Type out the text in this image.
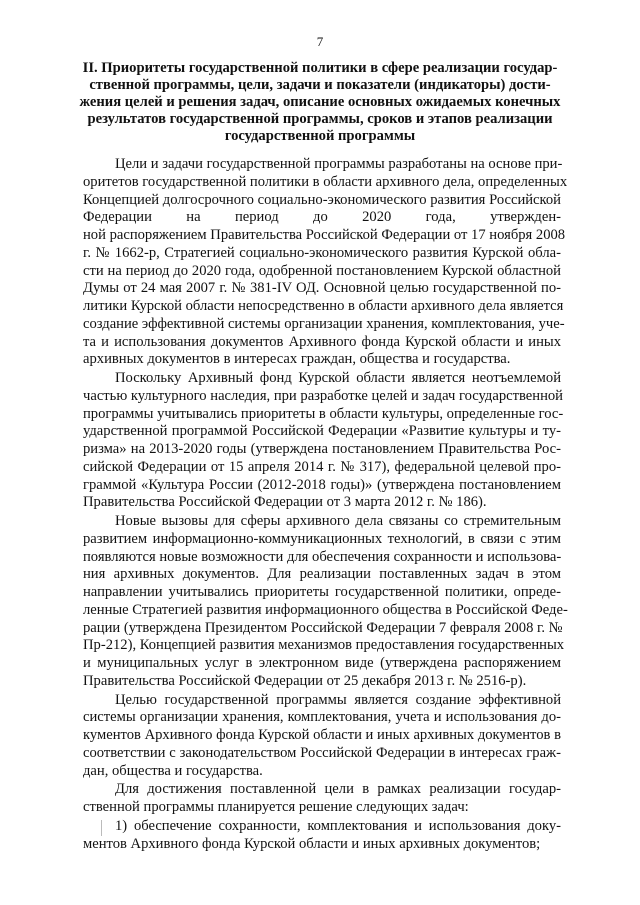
7
II. Приоритеты государственной политики в сфере реализации государ-
ственной программы, цели, задачи и показатели (индикаторы) дости-
жения целей и решения задач, описание основных ожидаемых конечных
результатов государственной программы, сроков и этапов реализации
государственной программы
Цели и задачи государственной программы разработаны на основе при-
оритетов государственной политики в области архивного дела, определенных
Концепцией долгосрочного социально-экономического развития Российской
Федерации на период до 2020 года, утвержден-
ной распоряжением Правительства Российской Федерации от 17 ноября 2008
г. № 1662-р, Стратегией социально-экономического развития Курской обла-
сти на период до 2020 года, одобренной постановлением Курской областной
Думы от 24 мая 2007 г. № 381-IV ОД. Основной целью государственной по-
литики Курской области непосредственно в области архивного дела является
создание эффективной системы организации хранения, комплектования, уче-
та и использования документов Архивного фонда Курской области и иных
архивных документов в интересах граждан, общества и государства.
Поскольку Архивный фонд Курской области является неотъемлемой
частью культурного наследия, при разработке целей и задач государственной
программы учитывались приоритеты в области культуры, определенные гос-
ударственной программой Российской Федерации «Развитие культуры и ту-
ризма» на 2013-2020 годы (утверждена постановлением Правительства Рос-
сийской Федерации от 15 апреля 2014 г. № 317), федеральной целевой про-
граммой «Культура России (2012-2018 годы)» (утверждена постановлением
Правительства Российской Федерации от 3 марта 2012 г. № 186).
Новые вызовы для сферы архивного дела связаны со стремительным
развитием информационно-коммуникационных технологий, в связи с этим
появляются новые возможности для обеспечения сохранности и использова-
ния архивных документов. Для реализации поставленных задач в этом
направлении учитывались приоритеты государственной политики, опреде-
ленные Стратегией развития информационного общества в Российской Феде-
рации (утверждена Президентом Российской Федерации 7 февраля 2008 г. №
Пр-212), Концепцией развития механизмов предоставления государственных
и муниципальных услуг в электронном виде (утверждена распоряжением
Правительства Российской Федерации от 25 декабря 2013 г. № 2516-р).
Целью государственной программы является создание эффективной
системы организации хранения, комплектования, учета и использования до-
кументов Архивного фонда Курской области и иных архивных документов в
соответствии с законодательством Российской Федерации в интересах граж-
дан, общества и государства.
Для достижения поставленной цели в рамках реализации государ-
ственной программы планируется решение следующих задач:
1) обеспечение сохранности, комплектования и использования доку-
ментов Архивного фонда Курской области и иных архивных документов;
